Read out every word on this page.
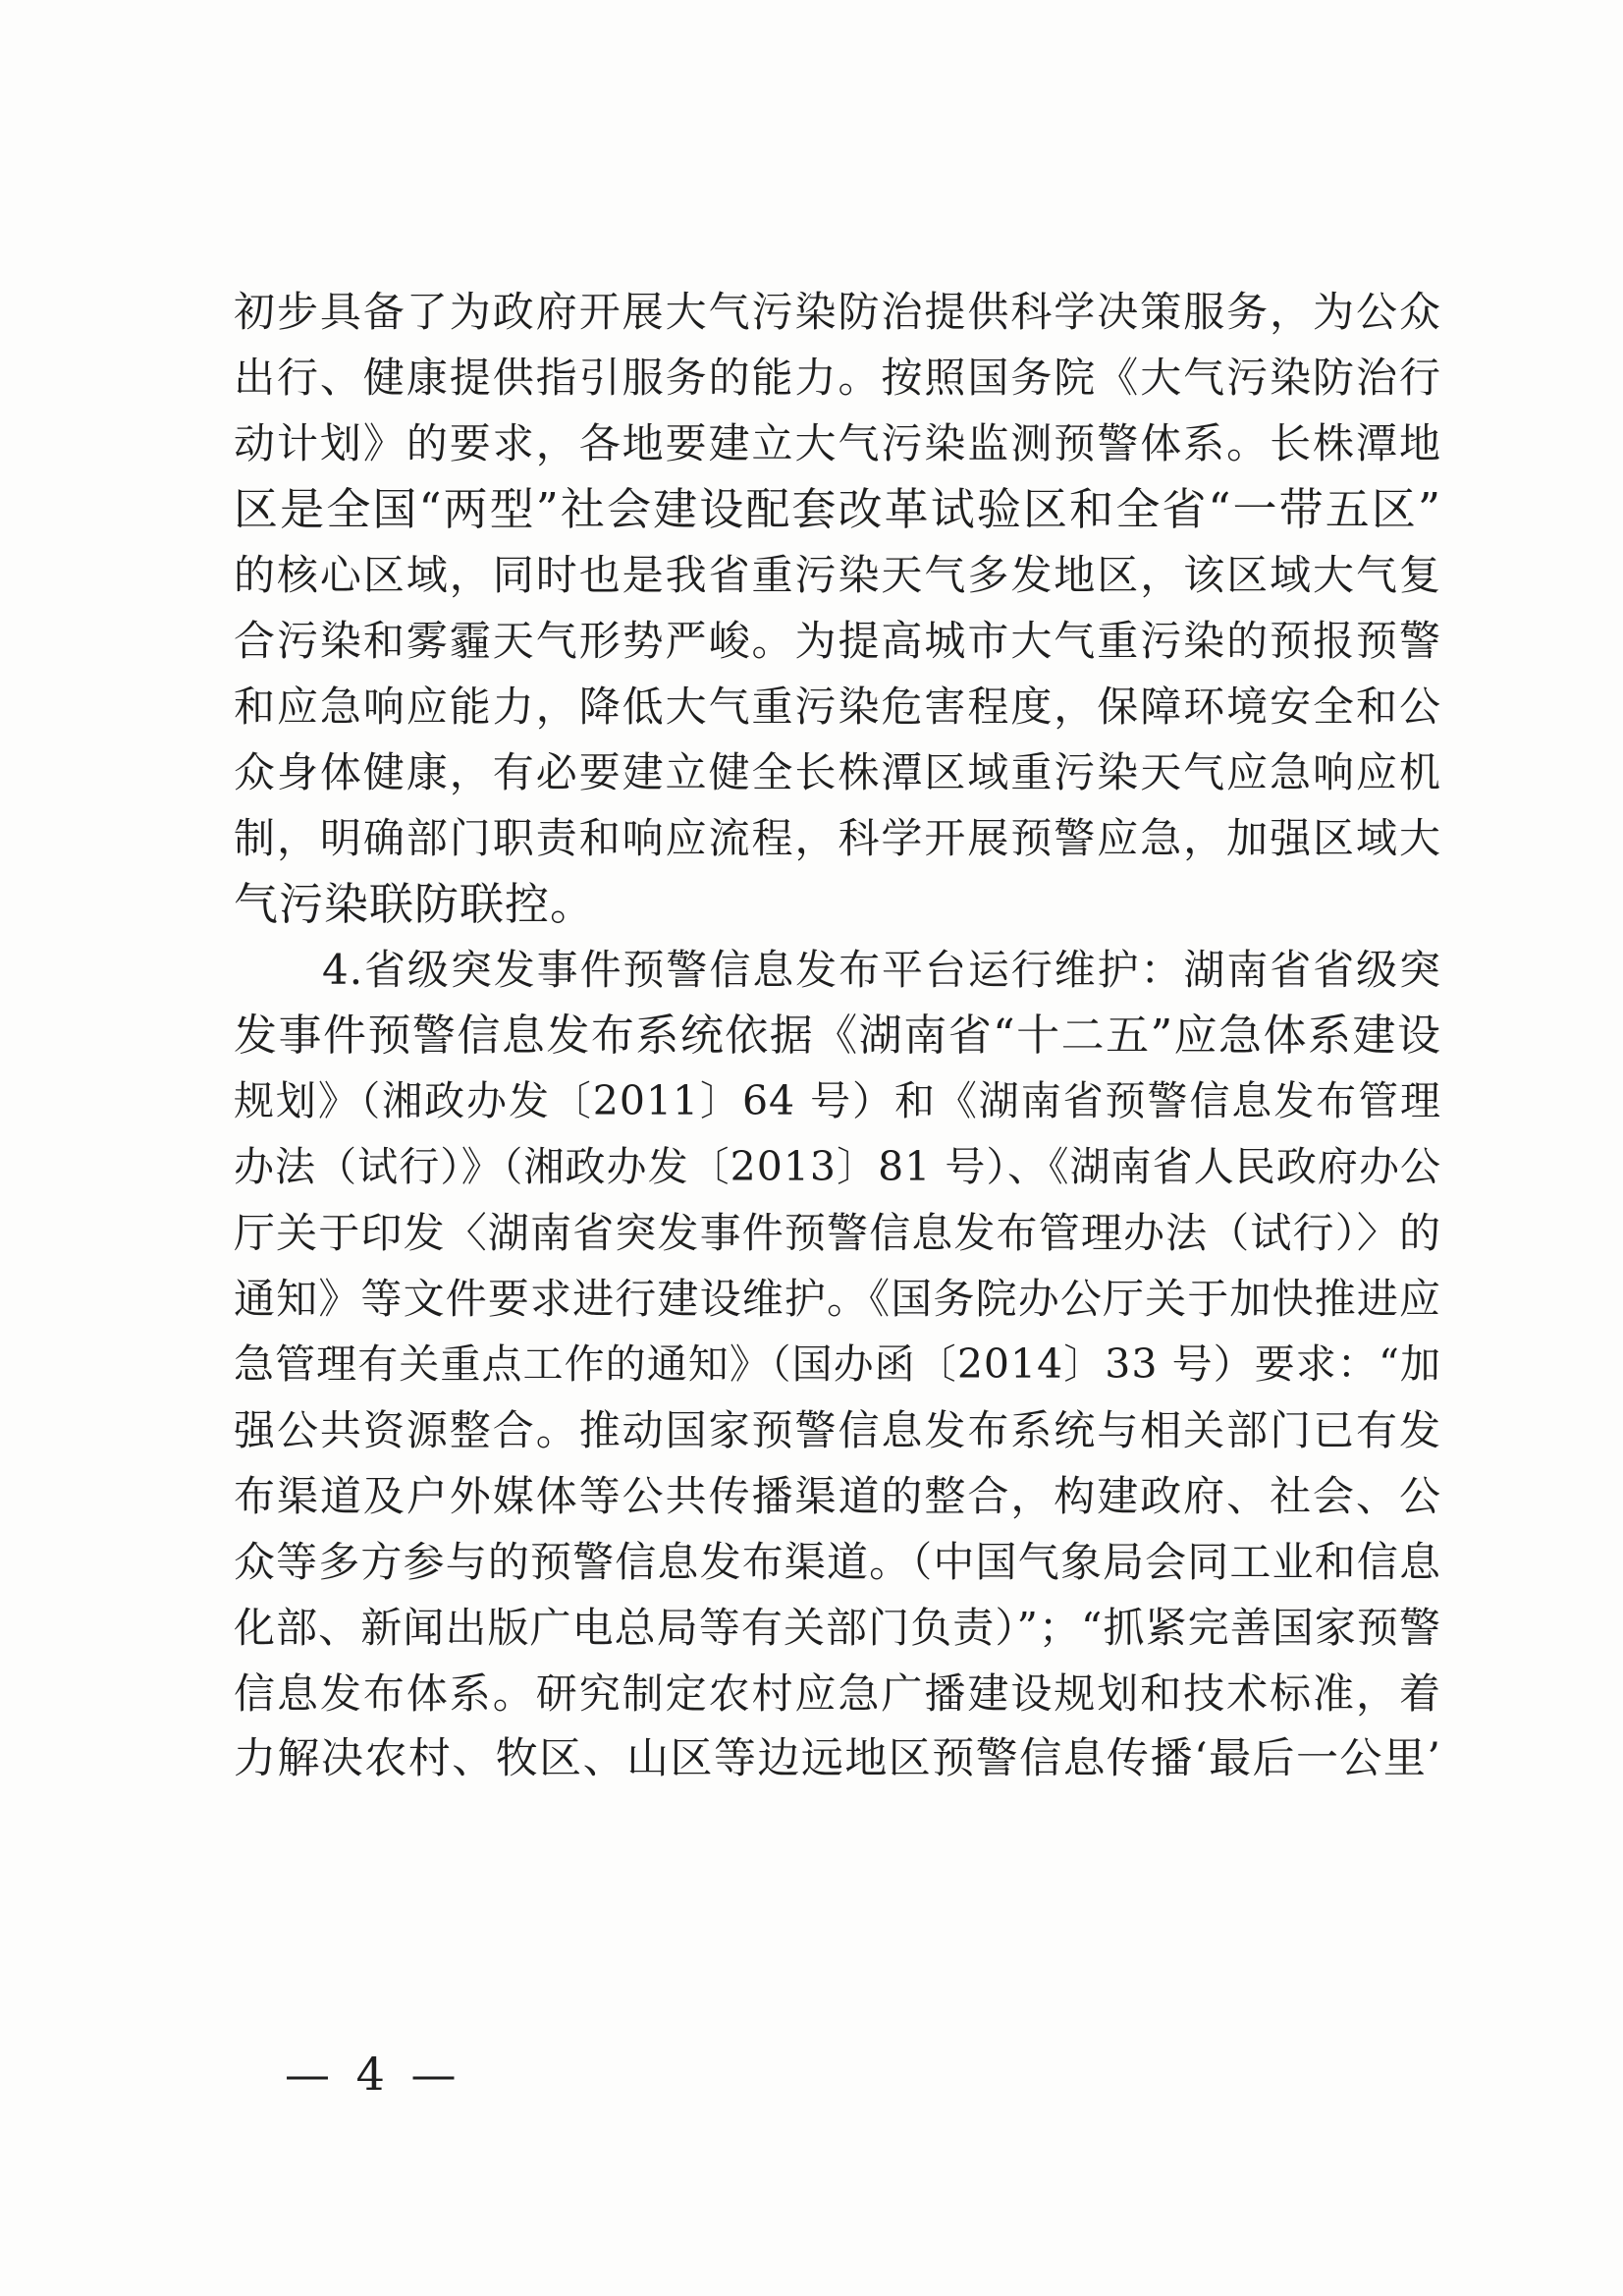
初步具备了为政府开展大气污染防治提供科学决策服务，为公众
出行、健康提供指引服务的能力。按照国务院《大气污染防治行
动计划》的要求，各地要建立大气污染监测预警体系。长株潭地
区是全国“两型”社会建设配套改革试验区和全省“一带五区”
的核心区域，同时也是我省重污染天气多发地区，该区域大气复
合污染和雾霾天气形势严峻。为提高城市大气重污染的预报预警
和应急响应能力，降低大气重污染危害程度，保障环境安全和公
众身体健康，有必要建立健全长株潭区域重污染天气应急响应机
制，明确部门职责和响应流程，科学开展预警应急，加强区域大
气污染联防联控。
4.省级突发事件预警信息发布平台运行维护：湖南省省级突
发事件预警信息发布系统依据《湖南省“十二五”应急体系建设
规划》（湘政办发〔2011〕64 号）和《湖南省预警信息发布管理
办法（试行）》（湘政办发〔2013〕81 号）、《湖南省人民政府办公
厅关于印发〈湖南省突发事件预警信息发布管理办法（试行）〉的
通知》等文件要求进行建设维护。《国务院办公厅关于加快推进应
急管理有关重点工作的通知》（国办函〔2014〕33 号）要求：“加
强公共资源整合。推动国家预警信息发布系统与相关部门已有发
布渠道及户外媒体等公共传播渠道的整合，构建政府、社会、公
众等多方参与的预警信息发布渠道。（中国气象局会同工业和信息
化部、新闻出版广电总局等有关部门负责）”；“抓紧完善国家预警
信息发布体系。研究制定农村应急广播建设规划和技术标准，着
力解决农村、牧区、山区等边远地区预警信息传播‘最后一公里’
— 4 —
